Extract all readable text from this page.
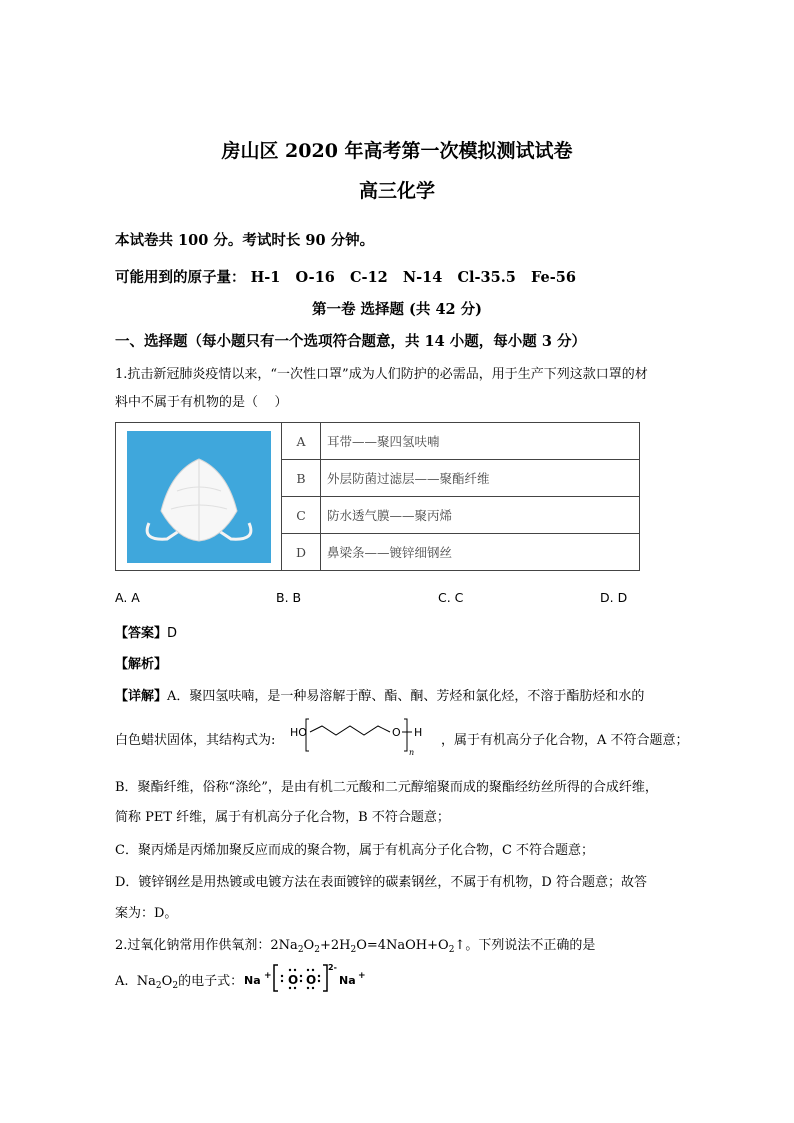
房山区 2020 年高考第一次模拟测试试卷
高三化学
本试卷共 100 分。考试时长 90 分钟。
可能用到的原子量： H-1   O-16   C-12   N-14   Cl-35.5   Fe-56
第一卷 选择题 (共 42 分)
一、选择题（每小题只有一个选项符合题意，共 14 小题，每小题 3 分）
1.抗击新冠肺炎疫情以来，“一次性口罩”成为人们防护的必需品，用于生产下列这款口罩的材
料中不属于有机物的是（    ）
	A	耳带——聚四氢呋喃
	B	外层防菌过滤层——聚酯纤维
	C	防水透气膜——聚丙烯
	D	鼻梁条——镀锌细钢丝
A. A	B. B	C. C	D. D
【答案】D
【解析】
【详解】A．聚四氢呋喃，是一种易溶解于醇、酯、酮、芳烃和氯化烃，不溶于酯肪烃和水的
白色蜡状固体，其结构式为:
HO	O H
n
，属于有机高分子化合物，A 不符合题意；
B．聚酯纤维，俗称“涤纶”，是由有机二元酸和二元醇缩聚而成的聚酯经纺丝所得的合成纤维，
简称 PET 纤维，属于有机高分子化合物，B 不符合题意；
C．聚丙烯是丙烯加聚反应而成的聚合物，属于有机高分子化合物，C 不符合题意；
D．镀锌钢丝是用热镀或电镀方法在表面镀锌的碳素钢丝，不属于有机物，D 符合题意；故答
案为：D。
2.过氧化钠常用作供氧剂：$2Na_2O_2+2H_2O=4NaOH+O_2↑$。下列说法不正确的是
A.  $Na_2O_2$的电子式： Na + O O
2-
Na +
